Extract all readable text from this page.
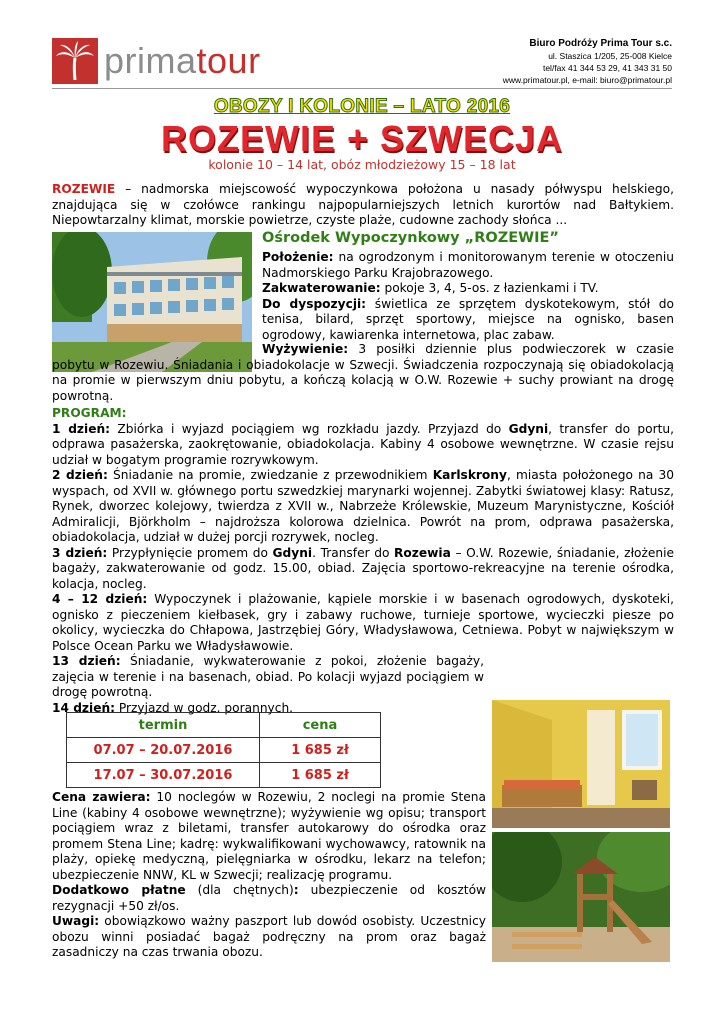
primatour	Biuro Podróży Prima Tour s.c.
ul. Staszica 1/205, 25-008 Kielce
tel/fax 41 344 53 29, 41 343 31 50
www.primatour.pl, e-mail: biuro@primatour.pl
OBOZY I KOLONIE – LATO 2016
ROZEWIE + SZWECJA
kolonie 10 – 14 lat, obóz młodzieżowy 15 – 18 lat
ROZEWIE – nadmorska miejscowość wypoczynkowa położona u nasady półwyspu helskiego, znajdująca się w czołówce rankingu najpopularniejszych letnich kurortów nad Bałtykiem. Niepowtarzalny klimat, morskie powietrze, czyste plaże, cudowne zachody słońca ...
Ośrodek Wypoczynkowy „ROZEWIE”
Położenie: na ogrodzonym i monitorowanym terenie w otoczeniu Nadmorskiego Parku Krajobrazowego.
Zakwaterowanie: pokoje 3, 4, 5-os. z łazienkami i TV.
Do dyspozycji: świetlica ze sprzętem dyskotekowym, stół do tenisa, bilard, sprzęt sportowy, miejsce na ognisko, basen ogrodowy, kawiarenka internetowa, plac zabaw.
Wyżywienie: 3 posiłki dziennie plus podwieczorek w czasie pobytu w Rozewiu. Śniadania i obiadokolacje w Szwecji. Świadczenia rozpoczynają się obiadokolacją na promie w pierwszym dniu pobytu, a kończą kolacją w O.W. Rozewie + suchy prowiant na drogę powrotną.
PROGRAM:
1 dzień: Zbiórka i wyjazd pociągiem wg rozkładu jazdy. Przyjazd do Gdyni, transfer do portu, odprawa pasażerska, zaokrętowanie, obiadokolacja. Kabiny 4 osobowe wewnętrzne. W czasie rejsu udział w bogatym programie rozrywkowym.
2 dzień: Śniadanie na promie, zwiedzanie z przewodnikiem Karlskrony, miasta położonego na 30 wyspach, od XVII w. głównego portu szwedzkiej marynarki wojennej. Zabytki światowej klasy: Ratusz, Rynek, dworzec kolejowy, twierdza z XVII w., Nabrzeże Królewskie, Muzeum Marynistyczne, Kościół Admiralicji, Björkholm – najdroższa kolorowa dzielnica. Powrót na prom, odprawa pasażerska, obiadokolacja, udział w dużej porcji rozrywek, nocleg.
3 dzień: Przypłynięcie promem do Gdyni. Transfer do Rozewia – O.W. Rozewie, śniadanie, złożenie bagaży, zakwaterowanie od godz. 15.00, obiad. Zajęcia sportowo-rekreacyjne na terenie ośrodka, kolacja, nocleg.
4 – 12 dzień: Wypoczynek i plażowanie, kąpiele morskie i w basenach ogrodowych, dyskoteki, ognisko z pieczeniem kiełbasek, gry i zabawy ruchowe, turnieje sportowe, wycieczki piesze po okolicy, wycieczka do Chłapowa, Jastrzębiej Góry, Władysławowa, Cetniewa. Pobyt w największym w Polsce Ocean Parku we Władysławowie.
13 dzień: Śniadanie, wykwaterowanie z pokoi, złożenie bagaży, zajęcia w terenie i na basenach, obiad. Po kolacji wyjazd pociągiem w drogę powrotną.
14 dzień: Przyjazd w godz. porannych.
termin	cena
07.07 – 20.07.2016	1 685 zł
17.07 – 30.07.2016	1 685 zł
Cena zawiera: 10 noclegów w Rozewiu, 2 noclegi na promie Stena Line (kabiny 4 osobowe wewnętrzne); wyżywienie wg opisu; transport pociągiem wraz z biletami, transfer autokarowy do ośrodka oraz promem Stena Line; kadrę: wykwalifikowani wychowawcy, ratownik na plaży, opiekę medyczną, pielęgniarka w ośrodku, lekarz na telefon; ubezpieczenie NNW, KL w Szwecji; realizację programu.
Dodatkowo płatne (dla chętnych): ubezpieczenie od kosztów rezygnacji +50 zł/os.
Uwagi: obowiązkowo ważny paszport lub dowód osobisty. Uczestnicy obozu winni posiadać bagaż podręczny na prom oraz bagaż zasadniczy na czas trwania obozu.
